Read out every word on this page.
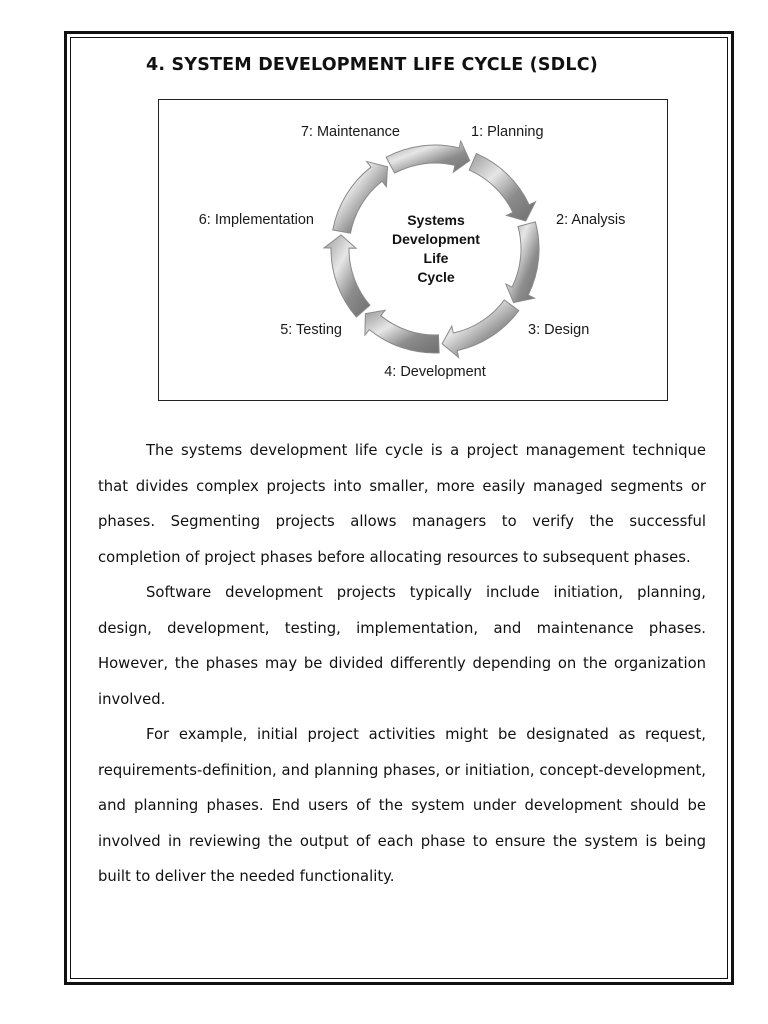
4. SYSTEM DEVELOPMENT LIFE CYCLE (SDLC)
Systems
Development
Life
Cycle
1: Planning
2: Analysis
3: Design
4: Development
5: Testing
6: Implementation
7: Maintenance

The systems development life cycle is a project management technique that divides complex projects into smaller, more easily managed segments or phases. Segmenting projects allows managers to verify the successful completion of project phases before allocating resources to subsequent phases.

Software development projects typically include initiation, planning, design, development, testing, implementation, and maintenance phases. However, the phases may be divided differently depending on the organization involved.

For example, initial project activities might be designated as request, requirements-definition, and planning phases, or initiation, concept-development, and planning phases. End users of the system under development should be involved in reviewing the output of each phase to ensure the system is being built to deliver the needed functionality.
